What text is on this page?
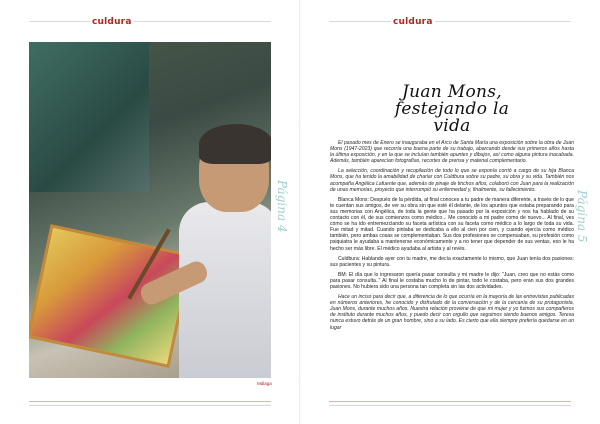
culdura
Página 4
Málaga
culdura
Página 5
Juan Mons,
festejando la vida

El pasado mes de Enero se inauguraba en el Arco de Santa María una exposición sobre la obra de Juan Mons (1947-2023) que recorría una buena parte de su trabajo, abarcando desde sus primeros años hasta la última exposición, y en la que se incluían también apuntes y dibujos, así como alguna pintura inacabada. Además, también aparecían fotografías, recortes de prensa y material complementario.

La selección, coordinación y recopilación de todo lo que se exponía corrió a cargo de su hija Blanca Mons, que ha tenido la amabilidad de charlar con Culdbura sobre su padre, su obra y su vida. También nos acompaña Angélica Lafuente que, además de pinaje de tinchos años, colaboró con Juan para la realización de unas memorias, proyecto que interrumpió su enfermedad y, finalmente, su fallecimiento.

Blanca Mons: Después de la pérdida, al final conoces a tu padre de manera diferente, a través de lo que te cuentan sus amigos, de ver su obra sin que esté él delante, de los apuntes que estaba preparando para sus memorias con Angélica, de toda la gente que ha pasado por la exposición y nos ha hablado de su contacto con él, de sus comienzos como médico... Me conocido a mi padre como de nuevo... Al final, ves cómo se ha ido entremezclando su faceta artística con su faceta como médico a lo largo de toda su vida. Fue mitad y mitad. Cuando pintaba se dedicaba a ello al cien por cien, y cuando ejercía como médico también, pero ambas cosas se complementaban. Sus dos profesiones se compensaban, su profesión como psiquiatra le ayudaba a mantenerse económicamente y a no tener que depender de sus ventas, eso le ha hecho ser más libre. El médico ayudaba al artista y al revés.

Culdbura: Hablando ayer con tu madre, me decía exactamente lo mismo, que Juan tenía dos pasiones: sus pacientes y su pintura.

BM: El día que lo ingresaron quería pasar consulta y mi madre le dijo: "Juan, creo que no estás como para pasar consulta.." Al final le costaba mucho lo de pintar, todo le costaba, pero eran sus dos grandes pasiones. No hubiera sido una persona tan completa sin las dos actividades.

Hace un inciso para decir que, a diferencia de lo que ocurría en la mayoría de las entrevistas publicadas en números anteriores, he conocido y disfrutado de la conversación y de la cercanía de su protagonista, Juan Mons, durante muchos años. Nuestra relación proviene de que mi mujer y yo fuimos sus compañeros de instituto durante muchos años, y puedo decir con orgullo que seguimos siendo buenos amigos. Teresa nunca estuvo detrás de un gran hombre, sino a su lado. Es cierto que ella siempre prefería quedarse en un lugar
